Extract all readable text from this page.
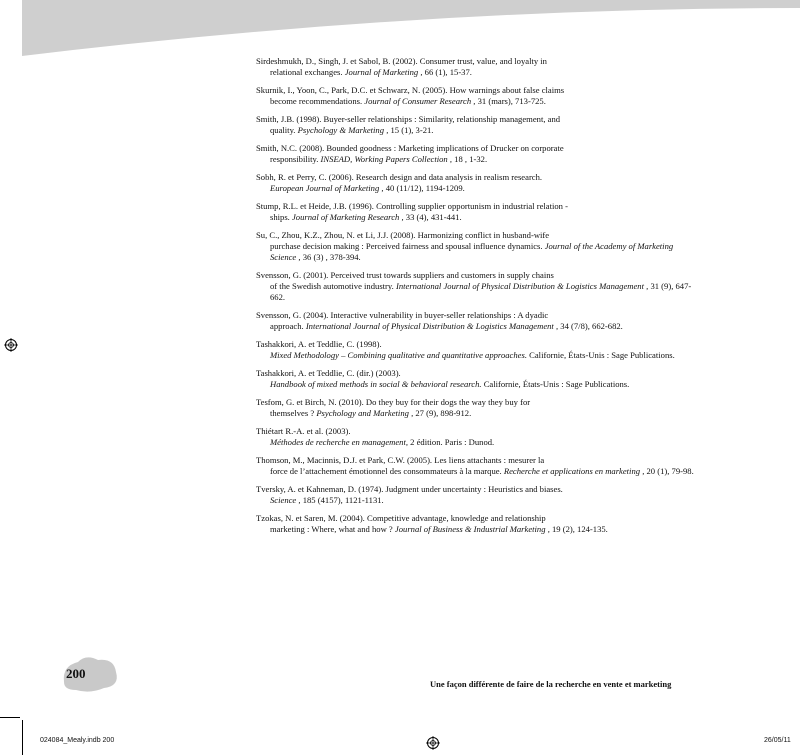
Sirdeshmukh, D., Singh, J. et Sabol, B. (2002). Consumer trust, value, and loyalty in
relational exchanges. Journal of Marketing , 66 (1), 15-37.
Skurnik, I., Yoon, C., Park, D.C. et Schwarz, N. (2005). How warnings about false claims
become recommendations. Journal of Consumer Research , 31 (mars), 713-725.
Smith, J.B. (1998). Buyer-seller relationships : Similarity, relationship management, and
quality. Psychology & Marketing , 15 (1), 3-21.
Smith, N.C. (2008). Bounded goodness : Marketing implications of Drucker on corporate
responsibility. INSEAD, Working Papers Collection , 18 , 1-32.
Sobh, R. et Perry, C. (2006). Research design and data analysis in realism research.
European Journal of Marketing , 40 (11/12), 1194-1209.
Stump, R.L. et Heide, J.B. (1996). Controlling supplier opportunism in industrial relation -
ships. Journal of Marketing Research , 33 (4), 431-441.
Su, C., Zhou, K.Z., Zhou, N. et Li, J.J. (2008). Harmonizing conflict in husband-wife
purchase decision making : Perceived fairness and spousal influence dynamics. Journal of the Academy of Marketing Science , 36 (3) , 378-394.
Svensson, G. (2001). Perceived trust towards suppliers and customers in supply chains
of the Swedish automotive industry. International Journal of Physical Distribution & Logistics Management , 31 (9), 647-662.
Svensson, G. (2004). Interactive vulnerability in buyer-seller relationships : A dyadic
approach. International Journal of Physical Distribution & Logistics Management , 34 (7/8), 662-682.
Tashakkori, A. et Teddlie, C. (1998).
Mixed Methodology – Combining qualitative and quantitative approaches. Californie, États-Unis : Sage Publications.
Tashakkori, A. et Teddlie, C. (dir.) (2003).
Handbook of mixed methods in social & behavioral research. Californie, États-Unis : Sage Publications.
Tesfom, G. et Birch, N. (2010). Do they buy for their dogs the way they buy for
themselves ? Psychology and Marketing , 27 (9), 898-912.
Thiétart R.-A. et al. (2003).
Méthodes de recherche en management, 2 édition. Paris : Dunod.
Thomson, M., Macinnis, D.J. et Park, C.W. (2005). Les liens attachants : mesurer la
force de l’attachement émotionnel des consommateurs à la marque. Recherche et applications en marketing , 20 (1), 79-98.
Tversky, A. et Kahneman, D. (1974). Judgment under uncertainty : Heuristics and biases.
Science , 185 (4157), 1121-1131.
Tzokas, N. et Saren, M. (2004). Competitive advantage, knowledge and relationship
marketing : Where, what and how ? Journal of Business & Industrial Marketing , 19 (2), 124-135.
200
Une façon différente de faire de la recherche en vente et marketing
024084_Mealy.indb 200	26/05/11
